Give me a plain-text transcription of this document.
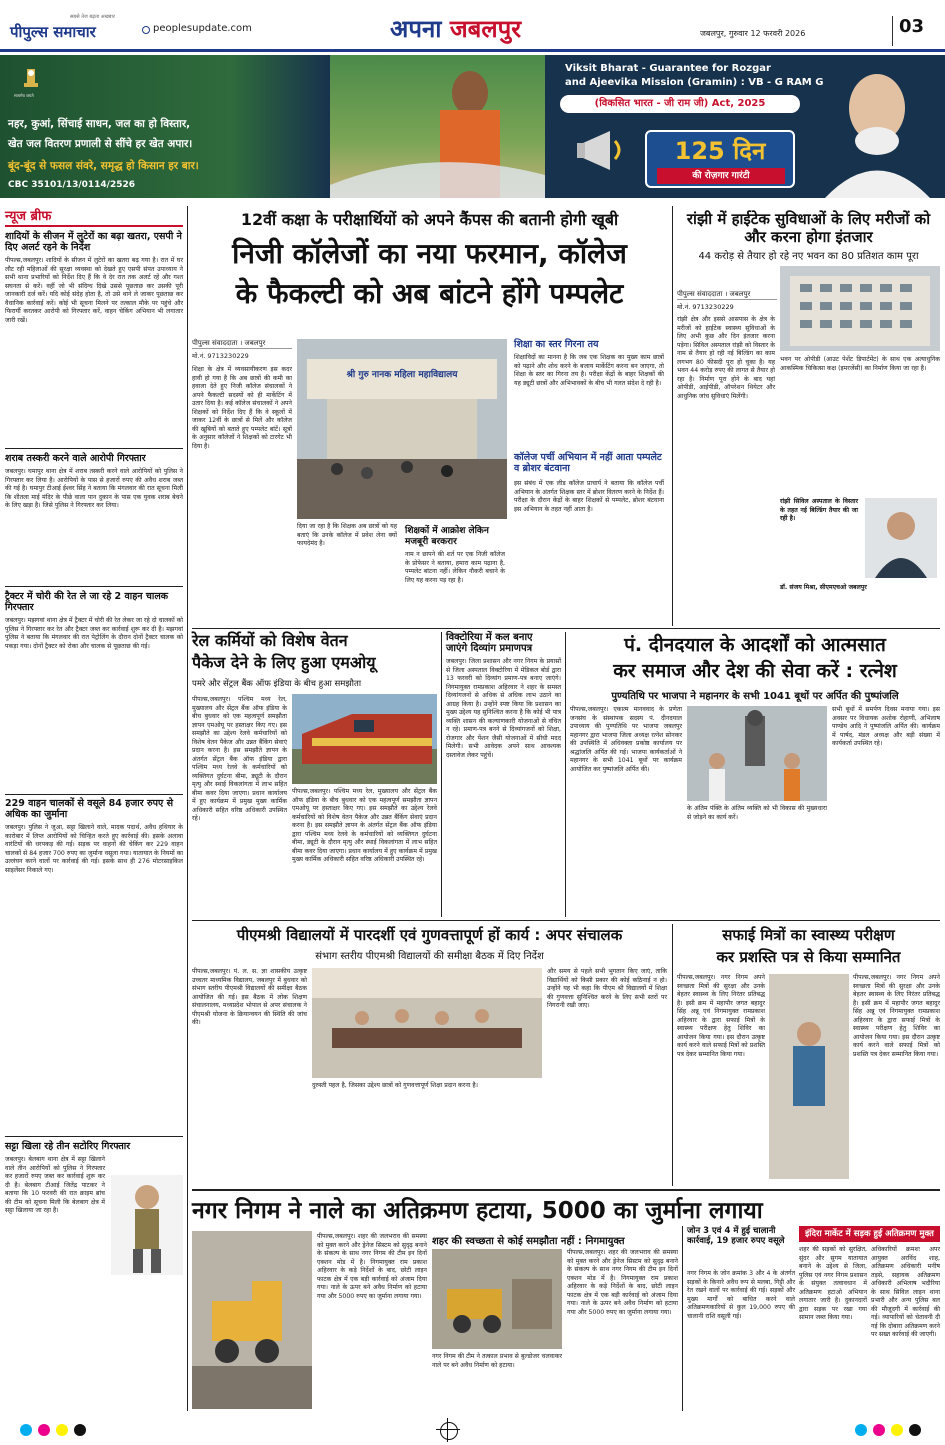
सबसे तेज बढ़ता अखबार
पीपुल्स समाचार	peoplesupdate.com	अपना जबलपुर	जबलपुर, गुरुवार 12 फरवरी 2026	03
सत्यमेव जयते
नहर, कुआं, सिंचाई साधन, जल का हो विस्तार,
खेत जल वितरण प्रणाली से सींचे हर खेत अपार।
बूंद-बूंद से फसल संवरे, समृद्ध हो किसान हर बार।
CBC 35101/13/0114/2526
Viksit Bharat - Guarantee for Rozgar
and Ajeevika Mission (Gramin) : VB - G RAM G
(विकसित भारत - जी राम जी) Act, 2025
125 दिन
की रोज़गार गारंटी
न्यूज ब्रीफ
शादियों के सीजन में लुटेरों का बढ़ा खतरा, एसपी ने दिए अलर्ट रहने के निर्देश
पीपल्स,जबलपुर। शादियों के सीजन में लुटेरों का खतरा बढ़ गया है। रात में घर लौट रही महिलाओं की सुरक्षा व्यवस्था को देखते हुए एसपी संपत उपाध्याय ने सभी थाना प्रभारियों को निर्देश दिए हैं कि वे देर रात तक अलर्ट रहें और गश्त सघनता से करें। वहीं जो भी संदिग्ध दिखे उससे पूछताछ कर उसकी पूरी जानकारी दर्ज करें। यदि कोई संदेह होता है, तो उसे थाने ले जाकर पूछताछ कर वैधानिक कार्रवाई करें। कोई भी सूचना मिलने पर तत्काल मौके पर पहुंचे और फिरार्यी करतकर आरोपी को गिरफ्तार करें, वाहन चेकिंग अभियान भी लगातार जारी रखें।
शराब तस्करी करने वाले आरोपी गिरफ्तार
जबलपुर। घमापुर थाना क्षेत्र में शराब तस्करी करने वाले आरोपियों को पुलिस ने गिरफ्तार कर लिया है। आरोपियों के पास से हजारों रुपए की अवैध शराब जब्त की गई है। घमापुर टीआई ईश्वर सिंह ने बताया कि मंगलवार की रात सूचना मिली कि शीतला माई मंदिर के पीछे वाला पान दुकान के पास एक युवक शराब बेचने के लिए खड़ा है। जिसे पुलिस ने गिरफ्तार कर लिया।
ट्रैक्टर में चोरी की रेत ले जा रहे 2 वाहन चालक गिरफ्तार
जबलपुर। मझगवां थाना क्षेत्र में ट्रैक्टर में चोरी की रेत लेकर जा रहे दो चालकों को पुलिस ने गिरफ्तार कर रेत और ट्रैक्टर जब्त कर कार्रवाई शुरू कर दी है। मझगवां पुलिस ने बताया कि मंगलवार की रात पेट्रोलिंग के दौरान दोनों ट्रैक्टर चालक को पकड़ा गया। दोनों ट्रैक्टर को रोका और चालक से पूछताछ की गई।
229 वाहन चालकों से वसूले 84 हजार रुपए से अधिक का जुर्माना
जबलपुर। पुलिस ने जुआ, सट्टा खिलाने वाले, मादक पदार्थ, अवैध हथियार के कारोबार में लिप्त आरोपियों को चिन्हित करते हुए कार्रवाई की। इसके अलावा वारंटियों की धरपकड़ की गई। सड़क पर वाहनों की चेकिंग कर 229 वाहन चालकों से 84 हजार 700 रुपए का जुर्माना वसूला गया। यातायात के नियमों का उल्लंघन करने वालों पर कार्रवाई की गई। इसके साथ ही 276 मोटरसाइकिल साइलेंसर निकाले गए।
सट्टा खिला रहे तीन सटोरिए गिरफ्तार
जबलपुर। बेलबाग थाना क्षेत्र में सट्टा खिलाने वाले तीन आरोपियों को पुलिस ने गिरफ्तार कर हजारों रुपए जब्त कर कार्रवाई शुरू कर दी है। बेलबाग टीआई जितेंद्र पाटकर ने बताया कि 10 फरवरी की रात क्राइम ब्रांच की टीम को सूचना मिली कि बेलबाग क्षेत्र में सट्टा खिलाया जा रहा है।
12वीं कक्षा के परीक्षार्थियों को अपने कैंपस की बतानी होगी खूबी
निजी कॉलेजों का नया फरमान, कॉलेज
के फैकल्टी को अब बांटने होंगे पम्पलेट
पीपुल्स संवाददाता । जबलपुर
मो.नं. 9713230229
श्री गुरु नानक महिला महाविद्यालय
शिक्षा के क्षेत्र में व्यवसायीकरण इस कदर हावी हो गया है कि अब छात्रों की कमी का हवाला देते हुए निजी कॉलेज संचालकों ने अपने फैकल्टी सदस्यों को ही मार्केटिंग में उतार दिया है। कई कॉलेज संचालकों ने अपने शिक्षकों को निर्देश दिए हैं कि वे स्कूलों में जाकर 12वीं के छात्रों से मिलें और कॉलेज की खूबियों को बताते हुए पम्पलेट बांटें। सूत्रों के अनुसार कॉलेजों ने शिक्षकों को टारगेट भी दिया है।
दिया जा रहा है कि शिक्षक अब छात्रों को यह बताएं कि उनके कॉलेज में प्रवेश लेना क्यों फायदेमंद है।
शिक्षकों में आक्रोश लेकिन मजबूरी बरकरार
नाम न छापने की शर्त पर एक निजी कॉलेज के प्रोफेसर ने बताया, हमारा काम पढ़ाना है, पम्पलेट बांटना नहीं। लेकिन नौकरी बचाने के लिए यह करना पड़ रहा है।
शिक्षा का स्तर गिरना तय
शिक्षाविदों का मानना है कि जब एक शिक्षक का मुख्य काम छात्रों को पढ़ाने और शोध करने के बजाय मार्केटिंग करना बन जाएगा, तो शिक्षा के स्तर का गिरना तय है। परीक्षा केंद्रों के बाहर शिक्षकों की यह ड्यूटी छात्रों और अभिभावकों के बीच भी गलत संदेश दे रही है।
कॉलेज पर्ची अभियान में नहीं आता पम्पलेट व ब्रोशर बंटवाना
इस संबंध में एक लीड कॉलेज प्राचार्य ने बताया कि कॉलेज पर्ची अभियान के अंतर्गत शिक्षक स्तर में ब्रोशर वितरण करने के निर्देश हैं। परीक्षा के दौरान केंद्रों के बाहर शिक्षकों से पम्पलेट, ब्रोशर बंटवाना इस अभियान के तहत नहीं आता है।
रांझी में हाईटेक सुविधाओं के लिए मरीजों को और करना होगा इंतजार
44 करोड़ से तैयार हो रहे नए भवन का 80 प्रतिशत काम पूरा
पीपुल्स संवाददाता । जबलपुर
मो.नं. 9713230229
रांझी क्षेत्र और इससे आसपास के क्षेत्र के मरीजों को हाईटेक स्वास्थ्य सुविधाओं के लिए अभी कुछ और दिन इंतजार करना पड़ेगा। सिविल अस्पताल रांझी को विस्तार के नाम से तैयार हो रही नई बिल्डिंग का काम लगभग 80 फीसदी पूरा हो चुका है। यह भवन 44 करोड़ रुपए की लागत से तैयार हो रहा है। निर्माण पूरा होने के बाद यहां ओपीडी, आईपीडी, ऑपरेशन थियेटर और आधुनिक जांच सुविधाएं मिलेंगी।
भवन पर ओपीडी (आउट पेशेंट डिपार्टमेंट) के साथ एक अत्याधुनिक आकस्मिक चिकित्सा कक्ष (इमरजेंसी) का निर्माण किया जा रहा है।
रांझी सिविल अस्पताल के विस्तार के तहत नई बिल्डिंग तैयार की जा रही है।
डॉ. संजय मिश्रा, सीएमएचओ जबलपुर
रेल कर्मियों को विशेष वेतन
पैकेज देने के लिए हुआ एमओयू
पमरे और सेंट्रल बैंक ऑफ इंडिया के बीच हुआ समझौता
पीपल्स,जबलपुर। पश्चिम मध्य रेल, मुख्यालय और सेंट्रल बैंक ऑफ इंडिया के बीच बुधवार को एक महत्वपूर्ण समझौता ज्ञापन एमओयू पर हस्ताक्षर किए गए। इस समझौते का उद्देश्य रेलवे कर्मचारियों को विशेष वेतन पैकेज और उन्नत बैंकिंग सेवाएं प्रदान करना है। इस समझौते ज्ञापन के अंतर्गत सेंट्रल बैंक ऑफ इंडिया द्वारा पश्चिम मध्य रेलवे के कर्मचारियों को व्यक्तिगत दुर्घटना बीमा, ड्यूटी के दौरान मृत्यु और स्थाई विकलांगता में लाभ सहित बीमा कवर दिया जाएगा। प्रधान कार्यालय में हुए कार्यक्रम में प्रमुख मुख्य कार्मिक अधिकारी सहित वरिष्ठ अधिकारी उपस्थित रहे।
पीपल्स,जबलपुर। पश्चिम मध्य रेल, मुख्यालय और सेंट्रल बैंक ऑफ इंडिया के बीच बुधवार को एक महत्वपूर्ण समझौता ज्ञापन एमओयू पर हस्ताक्षर किए गए। इस समझौते का उद्देश्य रेलवे कर्मचारियों को विशेष वेतन पैकेज और उन्नत बैंकिंग सेवाएं प्रदान करना है। इस समझौते ज्ञापन के अंतर्गत सेंट्रल बैंक ऑफ इंडिया द्वारा पश्चिम मध्य रेलवे के कर्मचारियों को व्यक्तिगत दुर्घटना बीमा, ड्यूटी के दौरान मृत्यु और स्थाई विकलांगता में लाभ सहित बीमा कवर दिया जाएगा। प्रधान कार्यालय में हुए कार्यक्रम में प्रमुख मुख्य कार्मिक अधिकारी सहित वरिष्ठ अधिकारी उपस्थित रहे।
विक्टोरिया में कल बनाए
जाएंगे दिव्यांग प्रमाणपत्र
जबलपुर। जिला प्रशासन और नगर निगम के प्रयासों से जिला अस्पताल विक्टोरिया में मेडिकल बोर्ड द्वारा 13 फरवरी को दिव्यांग प्रमाण-पत्र बनाए जाएंगे। निगमायुक्त रामप्रकाश अहिरवार ने शहर के समस्त दिव्यांगजनों से अधिक से अधिक लाभ उठाने का आग्रह किया है। उन्होंने स्पष्ट किया कि प्रशासन का मुख्य उद्देश्य यह सुनिश्चित करना है कि कोई भी पात्र व्यक्ति शासन की कल्याणकारी योजनाओं से वंचित न रहे। प्रमाण-पत्र बनने से दिव्यांगजनों को शिक्षा, रोजगार और पेंशन जैसी योजनाओं में सीधी मदद मिलेगी। सभी आवेदक अपने साथ आवश्यक दस्तावेज लेकर पहुंचें।
पं. दीनदयाल के आदर्शों को आत्मसात
कर समाज और देश की सेवा करें : रत्नेश
पुण्यतिथि पर भाजपा ने महानगर के सभी 1041 बूथों पर अर्पित की पुष्पांजलि
पीपल्स,जबलपुर। एकात्म मानववाद के प्रणेता जनसंघ के संस्थापक सदस्य पं. दीनदयाल उपाध्याय की पुण्यतिथि पर भाजपा जबलपुर महानगर द्वारा भाजपा जिला अध्यक्ष रत्नेश सोनकर की उपस्थिति में अधिवक्ता प्रकोष्ठ कार्यालय पर श्रद्धांजलि अर्पित की गई। भाजपा कार्यकर्ताओं ने महानगर के सभी 1041 बूथों पर कार्यक्रम आयोजित कर पुष्पांजलि अर्पित की।
के अंतिम पंक्ति के अंतिम व्यक्ति को भी विकास की मुख्यधारा से जोड़ने का कार्य करें।
सभी बूथों में समर्पण दिवस मनाया गया। इस अवसर पर विधायक अशोक रोहाणी, अभिलाष पाण्डेय आदि ने पुष्पांजलि अर्पित की। कार्यक्रम में पार्षद, मंडल अध्यक्ष और बड़ी संख्या में कार्यकर्ता उपस्थित रहे।
पीएमश्री विद्यालयों में पारदर्शी एवं गुणवत्तापूर्ण हों कार्य : अपर संचालक
संभाग स्तरीय पीएमश्री विद्यालयों की समीक्षा बैठक में दिए निर्देश
पीपल्स,जबलपुर। पं. ल. स. ज्ञा शासकीय उत्कृष्ट उच्चतर माध्यमिक विद्यालय, जबलपुर में बुधवार को संभाग स्तरीय पीएमश्री विद्यालयों की समीक्षा बैठक आयोजित की गई। इस बैठक में लोक शिक्षण संचालनालय, मध्यप्रदेश भोपाल से अपर संचालक ने पीएमश्री योजना के क्रियान्वयन की स्थिति की जांच की।
दुरुस्ती पहल है, जिसका उद्देश्य छात्रों को गुणवत्तापूर्ण शिक्षा प्रदान करना है।
और समय से पहले सभी भुगतान किए जाएं, ताकि विद्यार्थियों को किसी प्रकार की कोई कठिनाई न हो। उन्होंने यह भी कहा कि पीएम श्री विद्यालयों में शिक्षा की गुणवत्ता सुनिश्चित करने के लिए सभी स्तरों पर निगरानी रखी जाए।
सफाई मित्रों का स्वास्थ्य परीक्षण
कर प्रशस्ति पत्र से किया सम्मानित
पीपल्स,जबलपुर। नगर निगम अपने स्वच्छता मित्रों की सुरक्षा और उनके बेहतर स्वास्थ्य के लिए निरंतर प्रतिबद्ध है। इसी क्रम में महापौर जगत बहादुर सिंह अन्नू एवं निगमायुक्त रामप्रकाश अहिरवार के द्वारा सफाई मित्रों के स्वास्थ्य परीक्षण हेतु शिविर का आयोजन किया गया। इस दौरान उत्कृष्ट कार्य करने वाले सफाई मित्रों को प्रशस्ति पत्र देकर सम्मानित किया गया।
पीपल्स,जबलपुर। नगर निगम अपने स्वच्छता मित्रों की सुरक्षा और उनके बेहतर स्वास्थ्य के लिए निरंतर प्रतिबद्ध है। इसी क्रम में महापौर जगत बहादुर सिंह अन्नू एवं निगमायुक्त रामप्रकाश अहिरवार के द्वारा सफाई मित्रों के स्वास्थ्य परीक्षण हेतु शिविर का आयोजन किया गया। इस दौरान उत्कृष्ट कार्य करने वाले सफाई मित्रों को प्रशस्ति पत्र देकर सम्मानित किया गया।
नगर निगम ने नाले का अतिक्रमण हटाया, 5000 का जुर्माना लगाया
पीपल्स,जबलपुर। शहर की जलभराव की समस्या को मुक्त करने और ड्रेनेज सिस्टम को सुदृढ़ बनाने के संकल्प के साथ नगर निगम की टीम इन दिनों एक्शन मोड में है। निगमायुक्त राम प्रकाश अहिरवार के कड़े निर्देशों के बाद, छोटी लाइन फाटक क्षेत्र में एक बड़ी कार्रवाई को अंजाम दिया गया। नाले के ऊपर बने अवैध निर्माण को हटाया गया और 5000 रुपए का जुर्माना लगाया गया।
शहर की स्वच्छता से कोई समझौता नहीं : निगमायुक्त
नगर निगम की टीम ने तत्काल प्रभाव से बुल्डोजर चलवाकर नाले पर बने अवैध निर्माण को हटाया।
पीपल्स,जबलपुर। शहर की जलभराव की समस्या को मुक्त करने और ड्रेनेज सिस्टम को सुदृढ़ बनाने के संकल्प के साथ नगर निगम की टीम इन दिनों एक्शन मोड में है। निगमायुक्त राम प्रकाश अहिरवार के कड़े निर्देशों के बाद, छोटी लाइन फाटक क्षेत्र में एक बड़ी कार्रवाई को अंजाम दिया गया। नाले के ऊपर बने अवैध निर्माण को हटाया गया और 5000 रुपए का जुर्माना लगाया गया।
जोन 3 एवं 4 में हुई चालानी कार्रवाई, 19 हजार रुपए वसूले
नगर निगम के जोन क्रमांक 3 और 4 के अंतर्गत सड़कों के किनारे अवैध रूप से मलबा, गिट्टी और रेत रखने वालों पर कार्रवाई की गई। सड़कों और मुख्य मार्गों को बाधित करने वाले अतिक्रमणकारियों से कुल 19,000 रुपए की चालानी राशि वसूली गई।
इंदिरा मार्केट में सड़क हुई अतिक्रमण मुक्त
शहर की सड़कों को सुरक्षित, सुंदर और सुगम यातायात बनाने के उद्देश्य से जिला, पुलिस एवं नगर निगम प्रशासन के संयुक्त तत्वावधान में अतिक्रमण हटाओ अभियान लगातार जारी है। दुकानदारों द्वारा सड़क पर रखा गया सामान जब्त किया गया।
अधिकारियों क्रमशः अपर आयुक्त अरविंद शाह, अतिक्रमण अधिकारी मनीष तड़से, सहायक अतिक्रमण अधिकारी अभिलाष भदौरिया के साथ सिविल लाइन थाना प्रभारी और अन्य पुलिस बल की मौजूदगी में कार्रवाई की गई। व्यापारियों को चेतावनी दी गई कि दोबारा अतिक्रमण करने पर सख्त कार्रवाई की जाएगी।
